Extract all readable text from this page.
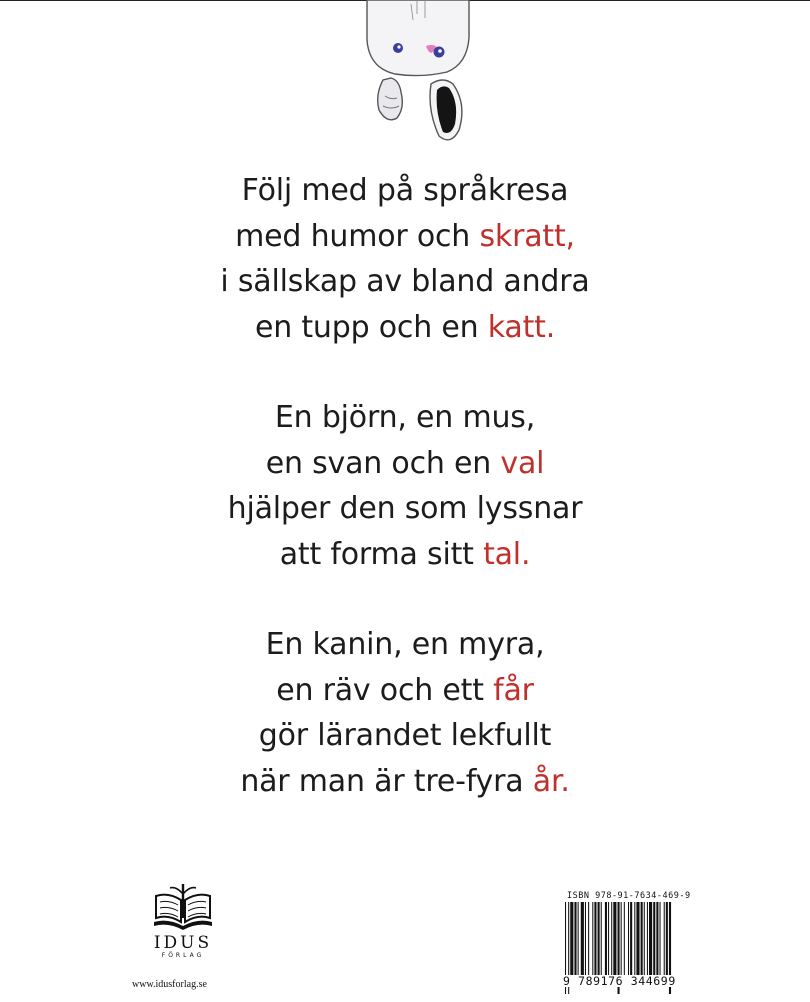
Följ med på språkresa
med humor och skratt,
i sällskap av bland andra
en tupp och en katt.
En björn, en mus,
en svan och en val
hjälper den som lyssnar
att forma sitt tal.
En kanin, en myra,
en räv och ett får
gör lärandet lekfullt
när man är tre-fyra år.
IDUS
FÖRLAG
www.idusforlag.se
ISBN 978-91-7634-469-9
9 789176 344699
